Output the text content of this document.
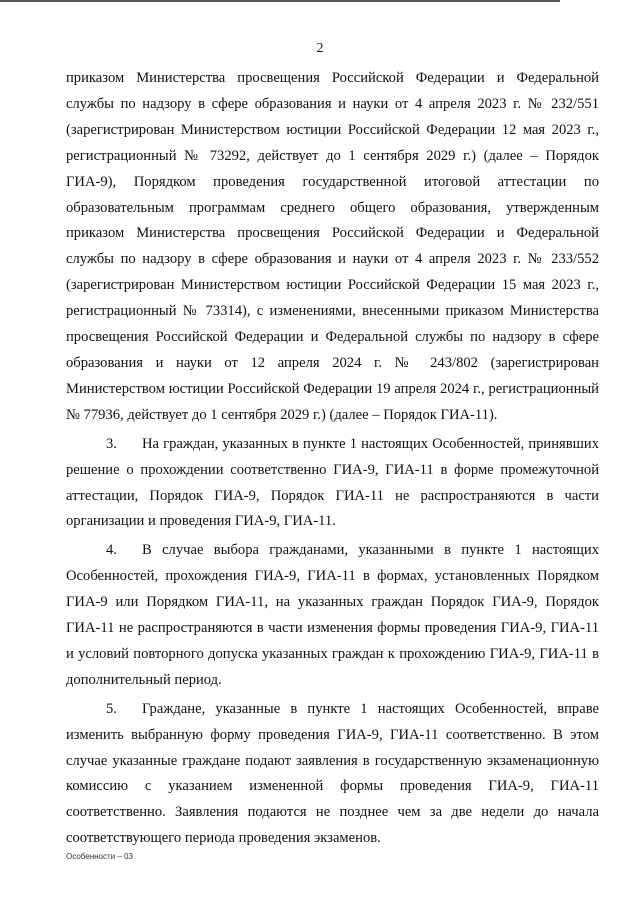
2

приказом Министерства просвещения Российской Федерации и Федеральной службы по надзору в сфере образования и науки от 4 апреля 2023 г. № 232/551 (зарегистрирован Министерством юстиции Российской Федерации 12 мая 2023 г., регистрационный № 73292, действует до 1 сентября 2029 г.) (далее – Порядок ГИА-9), Порядком проведения государственной итоговой аттестации по образовательным программам среднего общего образования, утвержденным приказом Министерства просвещения Российской Федерации и Федеральной службы по надзору в сфере образования и науки от 4 апреля 2023 г. № 233/552 (зарегистрирован Министерством юстиции Российской Федерации 15 мая 2023 г., регистрационный № 73314), с изменениями, внесенными приказом Министерства просвещения Российской Федерации и Федеральной службы по надзору в сфере образования и науки от 12 апреля 2024 г. № 243/802 (зарегистрирован Министерством юстиции Российской Федерации 19 апреля 2024 г., регистрационный № 77936, действует до 1 сентября 2029 г.) (далее – Порядок ГИА-11).

3. На граждан, указанных в пункте 1 настоящих Особенностей, принявших решение о прохождении соответственно ГИА-9, ГИА-11 в форме промежуточной аттестации, Порядок ГИА-9, Порядок ГИА-11 не распространяются в части организации и проведения ГИА-9, ГИА-11.

4. В случае выбора гражданами, указанными в пункте 1 настоящих Особенностей, прохождения ГИА-9, ГИА-11 в формах, установленных Порядком ГИА-9 или Порядком ГИА-11, на указанных граждан Порядок ГИА-9, Порядок ГИА-11 не распространяются в части изменения формы проведения ГИА-9, ГИА-11 и условий повторного допуска указанных граждан к прохождению ГИА-9, ГИА-11 в дополнительный период.

5. Граждане, указанные в пункте 1 настоящих Особенностей, вправе изменить выбранную форму проведения ГИА-9, ГИА-11 соответственно. В этом случае указанные граждане подают заявления в государственную экзаменационную комиссию с указанием измененной формы проведения ГИА-9, ГИА-11 соответственно. Заявления подаются не позднее чем за две недели до начала соответствующего периода проведения экзаменов.

Особенности – 03
